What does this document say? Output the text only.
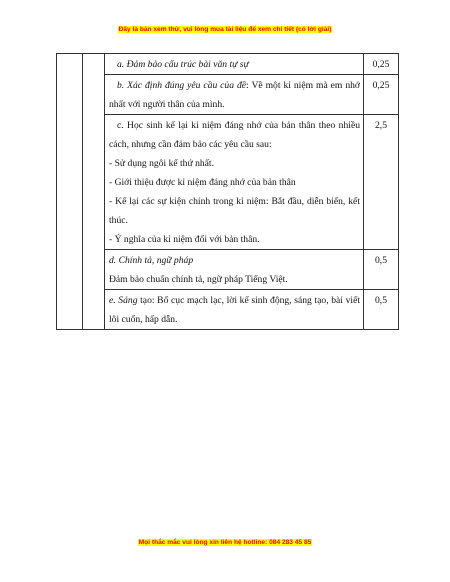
Đây là bản xem thử, vui lòng mua tài liệu để xem chi tiết (có lời giải)

		a. Đảm bảo cấu trúc bài văn tự sự	0,25

		b. Xác định đúng yêu cầu của đề: Về một kỉ niệm mà em nhớ nhất với người thân của mình.	0,25

		c. Học sinh kể lại kỉ niệm đáng nhớ của bản thân theo nhiều cách, nhưng cần đảm bảo các yêu cầu sau:

- Sử dụng ngôi kể thứ nhất.

- Giới thiệu được kỉ niệm đáng nhớ của bản thân

- Kể lại các sự kiện chính trong kỉ niệm: Bắt đầu, diễn biến, kết thúc.

- Ý nghĩa của kỉ niệm đối với bản thân.	2,5

		d. Chính tả, ngữ pháp

Đảm bảo chuẩn chính tả, ngữ pháp Tiếng Việt.	0,5

		e. Sáng tạo: Bố cục mạch lạc, lời kể sinh động, sáng tạo, bài viết lôi cuốn, hấp dẫn.	0,5
Mọi thắc mắc vui lòng xin liên hệ hotline: 084 283 45 85
